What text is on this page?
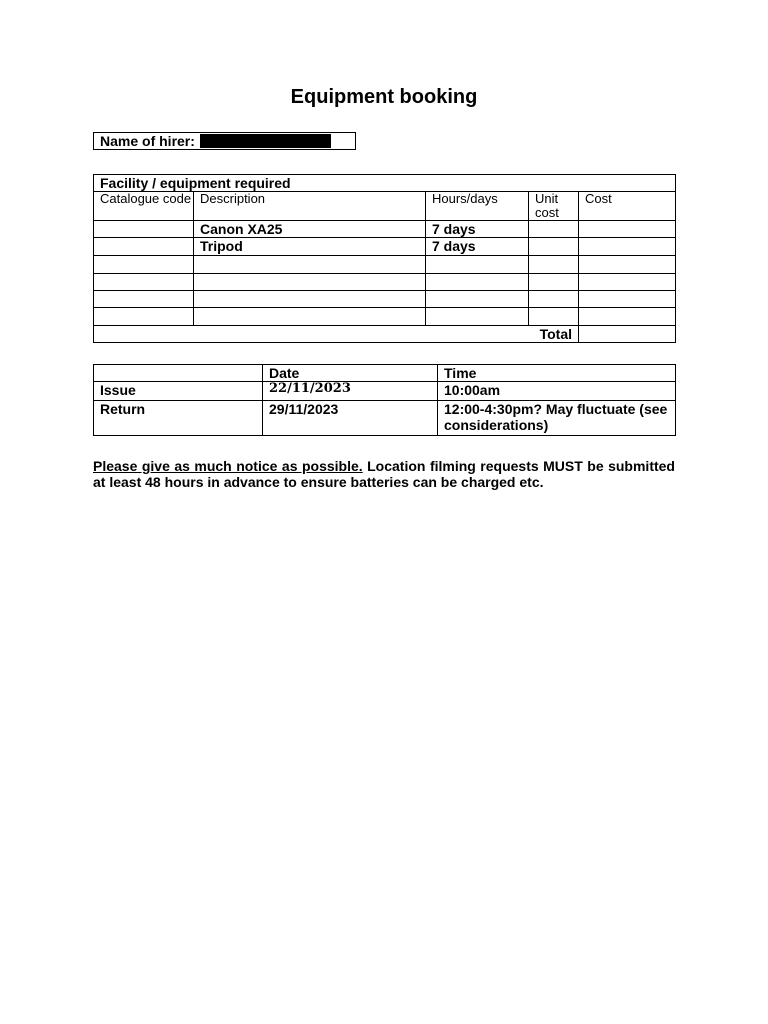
Equipment booking
Name of hirer:
Facility / equipment required				
Catalogue code	Description	Hours/days	Unit cost	Cost
	Canon XA25	7 days		
	Tripod	7 days		

Total				
	Date	Time
Issue	22/11/2023	10:00am
Return	29/11/2023	12:00-4:30pm? May fluctuate (see considerations)
Please give as much notice as possible. Location filming requests MUST be submitted at least 48 hours in advance to ensure batteries can be charged etc.
